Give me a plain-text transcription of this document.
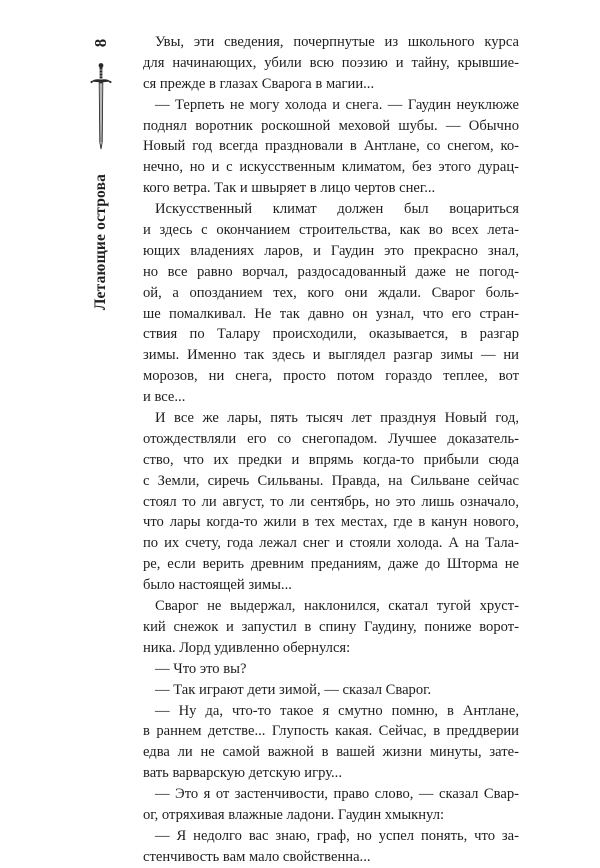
8
Летающие острова
Увы, эти сведения, почерпнутые из школьного курса
для начинающих, убили всю поэзию и тайну, крывшие-
ся прежде в глазах Сварога в магии...
— Терпеть не могу холода и снега. — Гаудин неуклюже
поднял воротник роскошной меховой шубы. — Обычно
Новый год всегда праздновали в Антлане, со снегом, ко-
нечно, но и с искусственным климатом, без этого дурац-
кого ветра. Так и швыряет в лицо чертов снег...
Искусственный климат должен был воцариться
и здесь с окончанием строительства, как во всех лета-
ющих владениях ларов, и Гаудин это прекрасно знал,
но все равно ворчал, раздосадованный даже не погод-
ой, а опозданием тех, кого они ждали. Сварог боль-
ше помалкивал. Не так давно он узнал, что его стран-
ствия по Талару происходили, оказывается, в разгар
зимы. Именно так здесь и выглядел разгар зимы — ни
морозов, ни снега, просто потом гораздо теплее, вот
и все...
И все же лары, пять тысяч лет празднуя Новый год,
отождествляли его со снегопадом. Лучшее доказатель-
ство, что их предки и впрямь когда-то прибыли сюда
с Земли, сиречь Сильваны. Правда, на Сильване сейчас
стоял то ли август, то ли сентябрь, но это лишь означало,
что лары когда-то жили в тех местах, где в канун нового,
по их счету, года лежал снег и стояли холода. А на Тала-
ре, если верить древним преданиям, даже до Шторма не
было настоящей зимы...
Сварог не выдержал, наклонился, скатал тугой хруст-
кий снежок и запустил в спину Гаудину, пониже ворот-
ника. Лорд удивленно обернулся:
— Что это вы?
— Так играют дети зимой, — сказал Сварог.
— Ну да, что-то такое я смутно помню, в Антлане,
в раннем детстве... Глупость какая. Сейчас, в преддверии
едва ли не самой важной в вашей жизни минуты, зате-
вать варварскую детскую игру...
— Это я от застенчивости, право слово, — сказал Свар-
ог, отряхивая влажные ладони. Гаудин хмыкнул:
— Я недолго вас знаю, граф, но успел понять, что за-
стенчивость вам мало свойственна...
